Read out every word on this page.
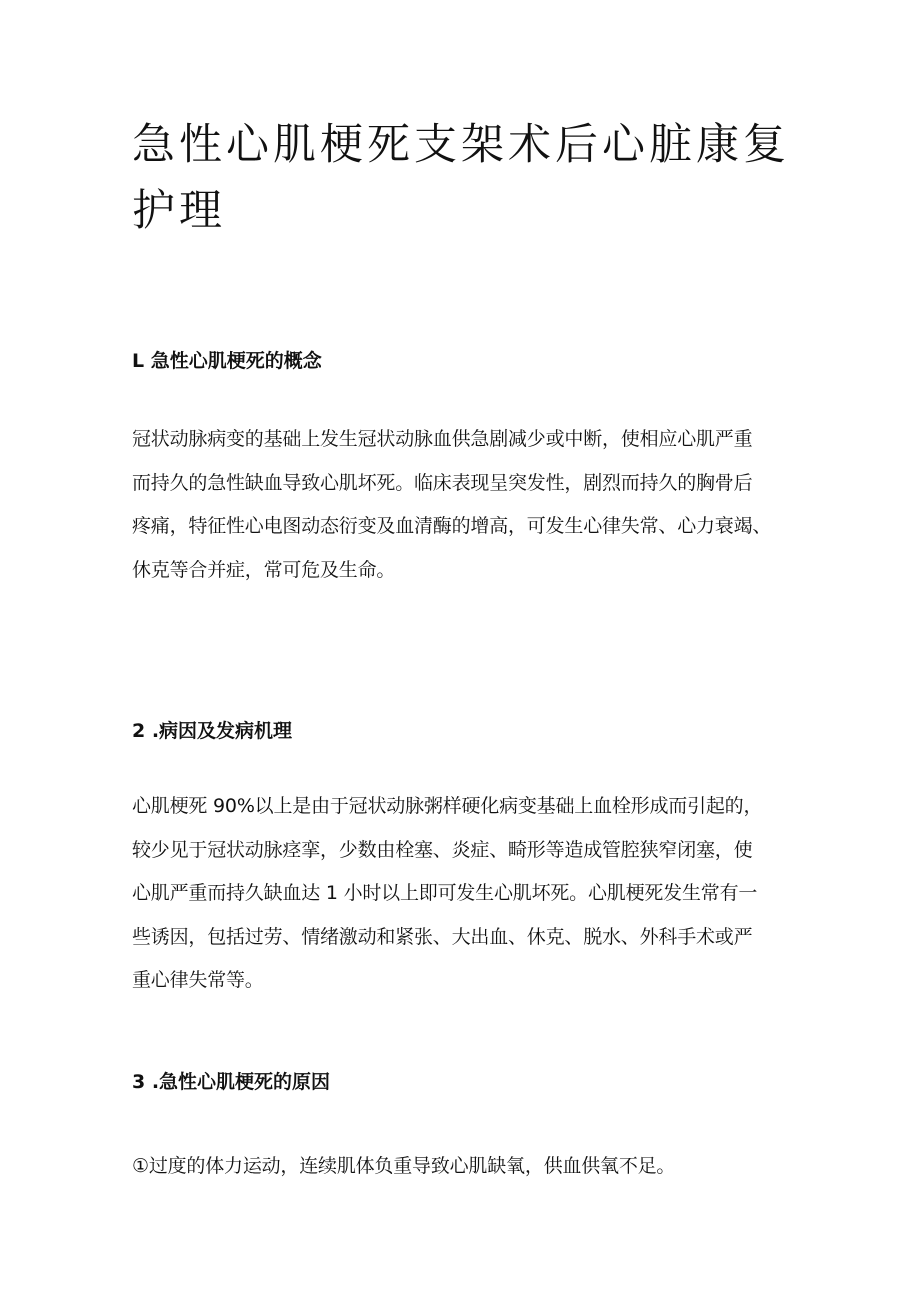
急性心肌梗死支架术后心脏康复护理
L 急性心肌梗死的概念
冠状动脉病变的基础上发生冠状动脉血供急剧减少或中断，使相应心肌严重
而持久的急性缺血导致心肌坏死。临床表现呈突发性，剧烈而持久的胸骨后
疼痛，特征性心电图动态衍变及血清酶的增高，可发生心律失常、心力衰竭、
休克等合并症，常可危及生命。
2 .病因及发病机理
心肌梗死 90%以上是由于冠状动脉粥样硬化病变基础上血栓形成而引起的，
较少见于冠状动脉痉挛，少数由栓塞、炎症、畸形等造成管腔狭窄闭塞，使
心肌严重而持久缺血达 1 小时以上即可发生心肌坏死。心肌梗死发生常有一
些诱因，包括过劳、情绪激动和紧张、大出血、休克、脱水、外科手术或严
重心律失常等。
3 .急性心肌梗死的原因
①过度的体力运动，连续肌体负重导致心肌缺氧，供血供氧不足。
